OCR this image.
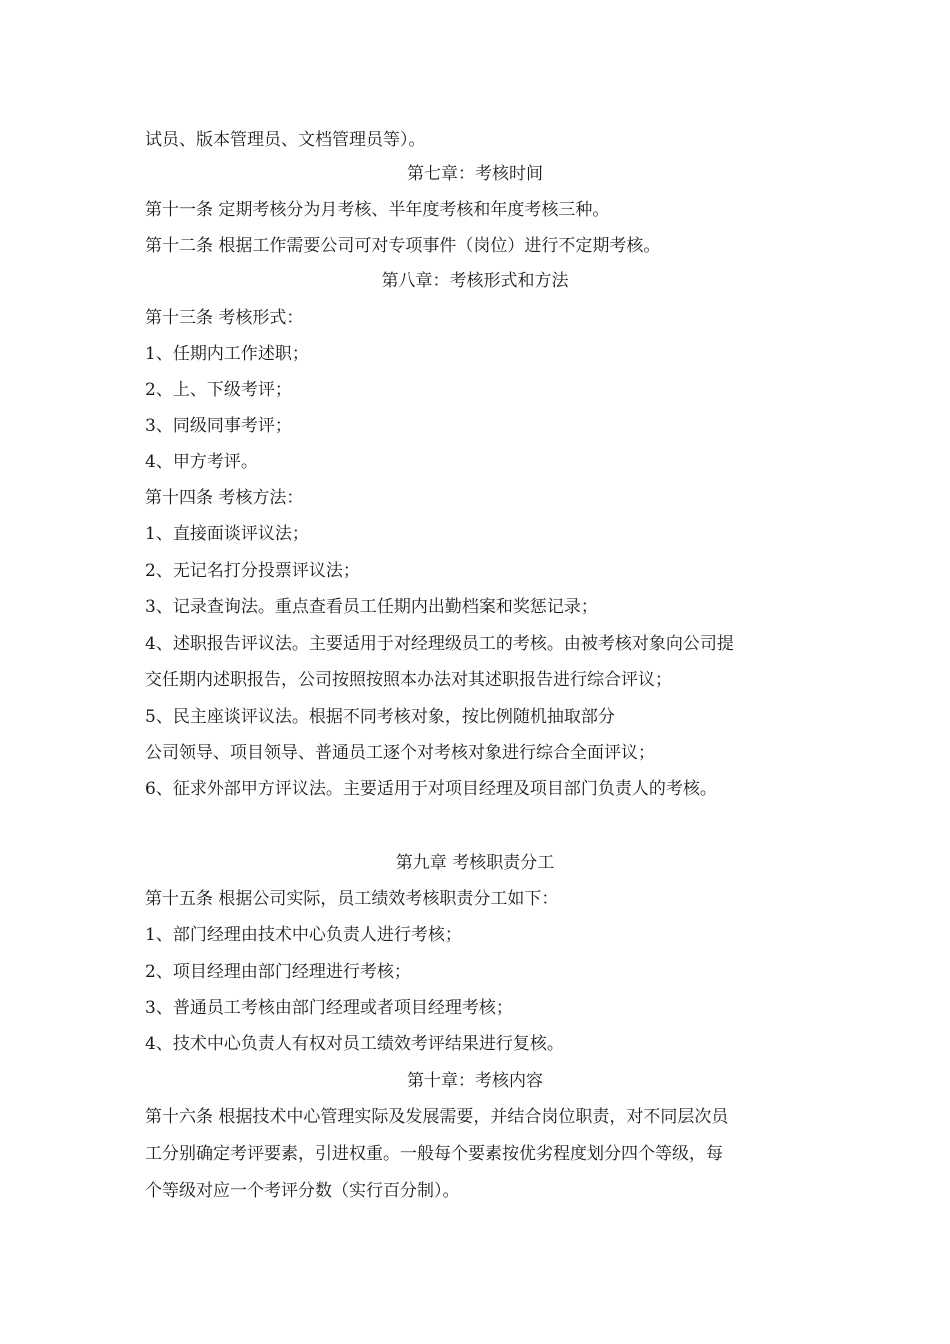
试员、版本管理员、文档管理员等）。
第七章：考核时间
第十一条 定期考核分为月考核、半年度考核和年度考核三种。
第十二条 根据工作需要公司可对专项事件（岗位）进行不定期考核。
第八章：考核形式和方法
第十三条 考核形式：
1、任期内工作述职；
2、上、下级考评；
3、同级同事考评；
4、甲方考评。
第十四条 考核方法：
1、直接面谈评议法；
2、无记名打分投票评议法；
3、记录查询法。重点查看员工任期内出勤档案和奖惩记录；
4、述职报告评议法。主要适用于对经理级员工的考核。由被考核对象向公司提
交任期内述职报告，公司按照按照本办法对其述职报告进行综合评议；
5、民主座谈评议法。根据不同考核对象，按比例随机抽取部分
公司领导、项目领导、普通员工逐个对考核对象进行综合全面评议；
6、征求外部甲方评议法。主要适用于对项目经理及项目部门负责人的考核。
第九章 考核职责分工
第十五条 根据公司实际，员工绩效考核职责分工如下：
1、部门经理由技术中心负责人进行考核；
2、项目经理由部门经理进行考核；
3、普通员工考核由部门经理或者项目经理考核；
4、技术中心负责人有权对员工绩效考评结果进行复核。
第十章：考核内容
第十六条 根据技术中心管理实际及发展需要，并结合岗位职责，对不同层次员
工分别确定考评要素，引进权重。一般每个要素按优劣程度划分四个等级，每
个等级对应一个考评分数（实行百分制）。
